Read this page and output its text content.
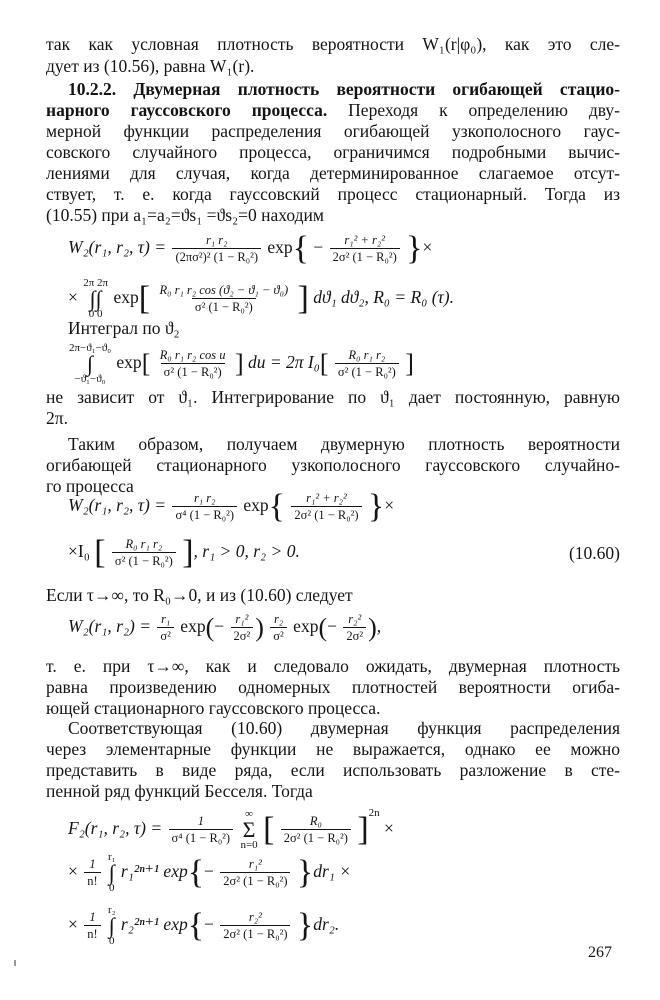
так как условная плотность вероятности W₁(r|φ₀), как это сле-
дует из (10.56), равна W₁(r).
10.2.2. Двумерная плотность вероятности огибающей стацио-
нарного гауссовского процесса. Переходя к определению дву-
мерной функции распределения огибающей узкополосного гаус-
совского случайного процесса, ограничимся подробными вычис-
лениями для случая, когда детерминированное слагаемое отсут-
ствует, т. е. когда гауссовский процесс стационарный. Тогда из
(10.55) при a₁=a₂=ϑs₁ =ϑs₂=0 находим
W₂(r₁, r₂, $\tau) = \frac{\text{r₁ r₂}}{\text{(2πσ²)² (1 − R₀²)}} \exp\{ - \frac{\text{r₁² + r₂²}}{\text{2σ² (1 − R₀²)}}$ }×
×
2π 2π
∫∫
0 0
$\exp[ \frac{\text{R₀ r₁ r₂ cos (ϑ₂ − ϑ₁ − ϑ₀)}}{\text{σ² (1 − R₀²)}}$ ] dϑ₁ dϑ₂, R₀ = R₀ (τ).
Интеграл по ϑ₂
2π−ϑ₁−ϑ₀
∫
−ϑ₁−ϑ₀
$\exp[ \frac{\text{R₀ r₁ r₂ cos u}}{\text{σ² (1 − R₀²)}}$ ] du = 2π $I_0[ \frac{\text{R₀ r₁ r₂}}{\text{σ² (1 − R₀²)}}$ ]
не зависит от ϑ₁. Интегрирование по ϑ₁ дает постоянную, равную
2π.
Таким образом, получаем двумерную плотность вероятности
огибающей стационарного узкополосного гауссовского случайно-
го процесса
W₂(r₁, r₂, $\tau) = \frac{\text{r₁ r₂}}{\text{σ⁴ (1 − R₀²)}} \exp\{ \frac{\text{r₁² + r₂²}}{\text{2σ² (1 − R₀²)}}$ }×
×I₀ [ $\frac{\text{R₀ r₁ r₂}}{\text{σ² (1 − R₀²)}}$ ], r₁ > 0, r₂ > 0.	(10.60)
Если τ→∞, то R₀→0, и из (10.60) следует
W₂(r₁, $r_2) = \frac{\text{r₁}}{\text{σ²}} \exp(- \frac{\text{r₁²}}{\text{2σ²}}$ ) $\frac{\text{r₂}}{\text{σ²}} \exp(- \frac{\text{r₂²}}{\text{2σ²}}$ ),
т. е. при τ→∞, как и следовало ожидать, двумерная плотность
равна произведению одномерных плотностей вероятности огиба-
ющей стационарного гауссовского процесса.
Соответствующая (10.60) двумерная функция распределения
через элементарные функции не выражается, однако ее можно
представить в виде ряда, если использовать разложение в сте-
пенной ряд функций Бесселя. Тогда
F₂(r₁, r₂, $\tau) = \frac{1}{\text{σ⁴ (1 − R₀²)}}$
∞
Σ
n=0 [ $\frac{\text{R₀}}{\text{2σ² (1 − R₀²)}} ]^{2n}$ ×
× $\frac{1}{n!}$
r₁
∫
0
r₁²ⁿ⁺¹ $\exp\{- \frac{\text{r₁²}}{\text{2σ² (1 − R₀²)}} \}dr_1$ ×
× $\frac{1}{n!}$
r₂
∫
0
r₂²ⁿ⁺¹ $\exp\{- \frac{\text{r₂²}}{\text{2σ² (1 − R₀²)}} \}dr_2$.
267
